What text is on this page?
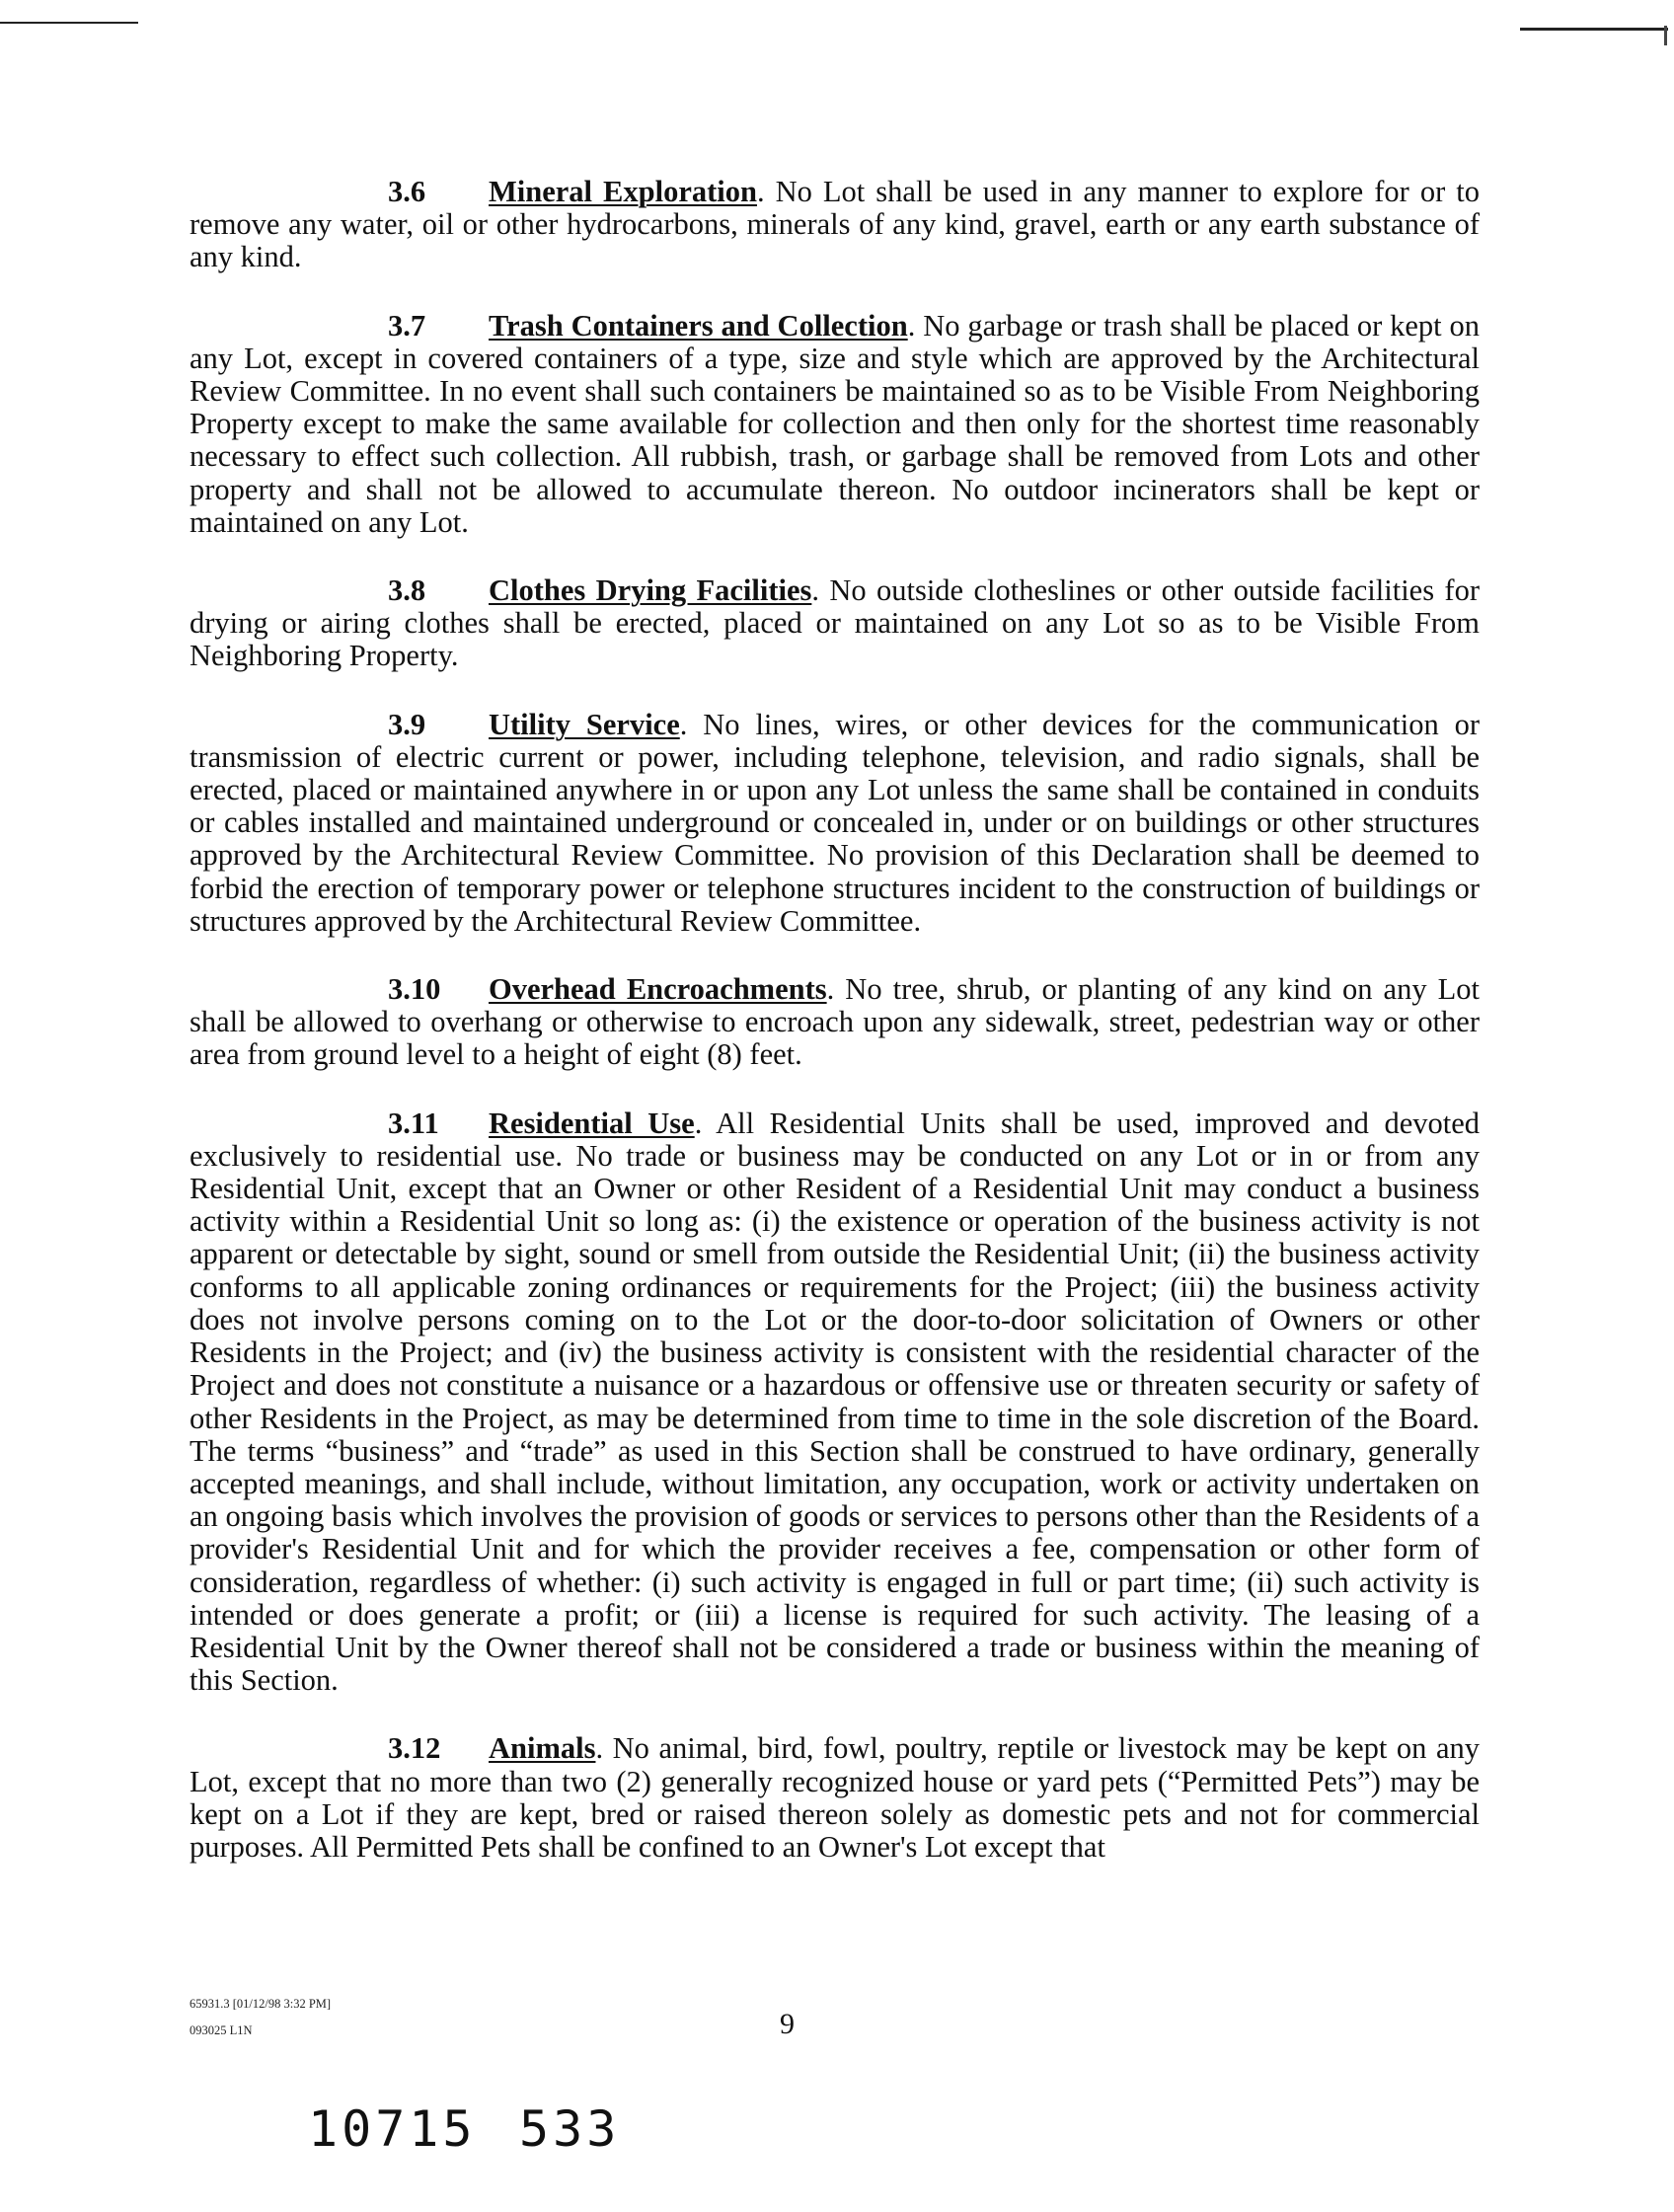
3.6 Mineral Exploration. No Lot shall be used in any manner to explore for or to remove any water, oil or other hydrocarbons, minerals of any kind, gravel, earth or any earth substance of any kind.

3.7 Trash Containers and Collection. No garbage or trash shall be placed or kept on any Lot, except in covered containers of a type, size and style which are approved by the Architectural Review Committee. In no event shall such containers be maintained so as to be Visible From Neighboring Property except to make the same available for collection and then only for the shortest time reasonably necessary to effect such collection. All rubbish, trash, or garbage shall be removed from Lots and other property and shall not be allowed to accumulate thereon. No outdoor incinerators shall be kept or maintained on any Lot.

3.8 Clothes Drying Facilities. No outside clotheslines or other outside facilities for drying or airing clothes shall be erected, placed or maintained on any Lot so as to be Visible From Neighboring Property.

3.9 Utility Service. No lines, wires, or other devices for the communication or transmission of electric current or power, including telephone, television, and radio signals, shall be erected, placed or maintained anywhere in or upon any Lot unless the same shall be contained in conduits or cables installed and maintained underground or concealed in, under or on buildings or other structures approved by the Architectural Review Committee. No provision of this Declaration shall be deemed to forbid the erection of temporary power or telephone structures incident to the construction of buildings or structures approved by the Architectural Review Committee.

3.10 Overhead Encroachments. No tree, shrub, or planting of any kind on any Lot shall be allowed to overhang or otherwise to encroach upon any sidewalk, street, pedestrian way or other area from ground level to a height of eight (8) feet.

3.11 Residential Use. All Residential Units shall be used, improved and devoted exclusively to residential use. No trade or business may be conducted on any Lot or in or from any Residential Unit, except that an Owner or other Resident of a Residential Unit may conduct a business activity within a Residential Unit so long as: (i) the existence or operation of the business activity is not apparent or detectable by sight, sound or smell from outside the Residential Unit; (ii) the business activity conforms to all applicable zoning ordinances or requirements for the Project; (iii) the business activity does not involve persons coming on to the Lot or the door-to-door solicitation of Owners or other Residents in the Project; and (iv) the business activity is consistent with the residential character of the Project and does not constitute a nuisance or a hazardous or offensive use or threaten security or safety of other Residents in the Project, as may be determined from time to time in the sole discretion of the Board. The terms “business” and “trade” as used in this Section shall be construed to have ordinary, generally accepted meanings, and shall include, without limitation, any occupation, work or activity undertaken on an ongoing basis which involves the provision of goods or services to persons other than the Residents of a provider's Residential Unit and for which the provider receives a fee, compensation or other form of consideration, regardless of whether: (i) such activity is engaged in full or part time; (ii) such activity is intended or does generate a profit; or (iii) a license is required for such activity. The leasing of a Residential Unit by the Owner thereof shall not be considered a trade or business within the meaning of this Section.

3.12 Animals. No animal, bird, fowl, poultry, reptile or livestock may be kept on any Lot, except that no more than two (2) generally recognized house or yard pets (“Permitted Pets”) may be kept on a Lot if they are kept, bred or raised thereon solely as domestic pets and not for commercial purposes. All Permitted Pets shall be confined to an Owner's Lot except that

65931.3 [01/12/98 3:32 PM]
093025 L1N	9
10715 533
